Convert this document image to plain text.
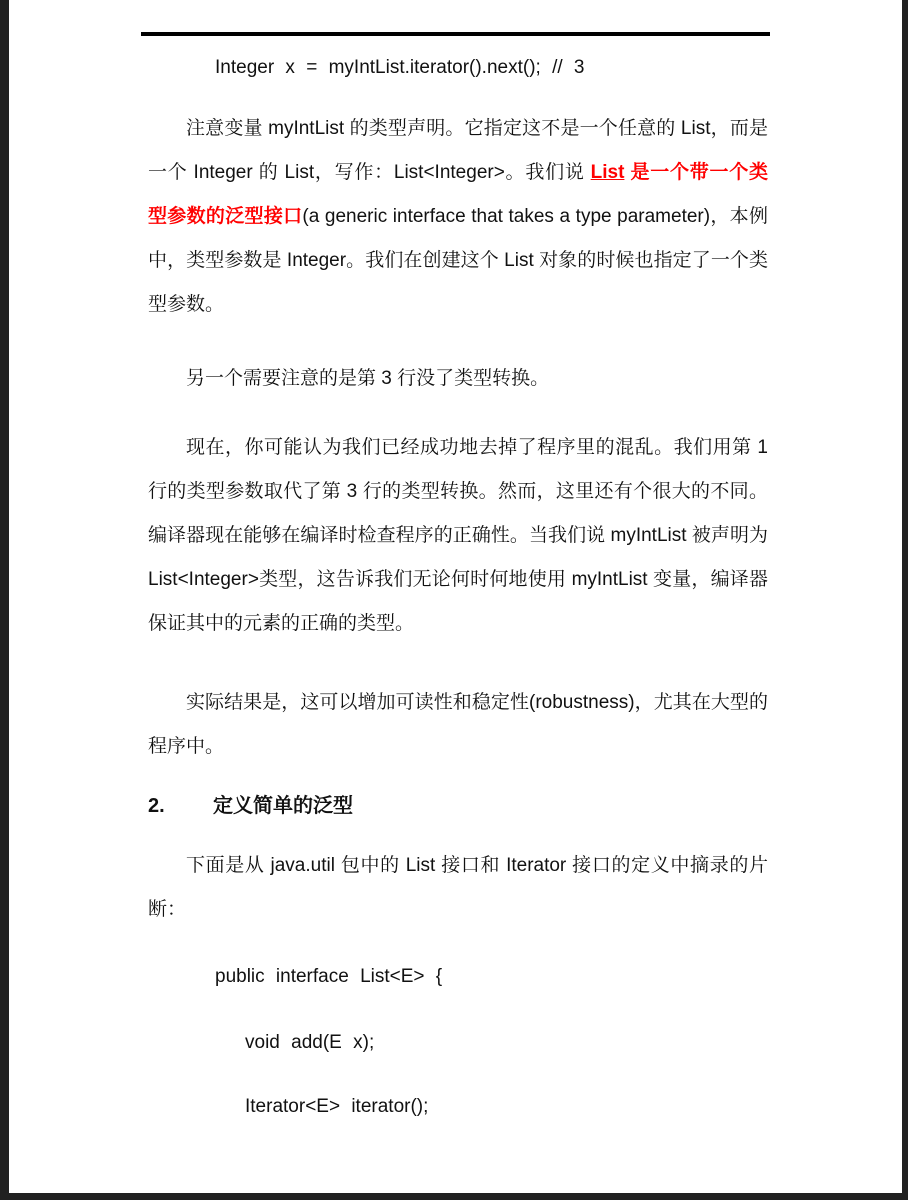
Integer x = myIntList.iterator().next(); // 3

注意变量 myIntList 的类型声明。它指定这不是一个任意的 List，而是一个 Integer 的 List，写作：List<Integer>。我们说 List 是一个带一个类型参数的泛型接口(a generic interface that takes a type parameter)，本例中，类型参数是 Integer。我们在创建这个 List 对象的时候也指定了一个类型参数。

另一个需要注意的是第 3 行没了类型转换。

现在，你可能认为我们已经成功地去掉了程序里的混乱。我们用第 1 行的类型参数取代了第 3 行的类型转换。然而，这里还有个很大的不同。编译器现在能够在编译时检查程序的正确性。当我们说 myIntList 被声明为 List<Integer>类型，这告诉我们无论何时何地使用 myIntList 变量，编译器保证其中的元素的正确的类型。

实际结果是，这可以增加可读性和稳定性(robustness)，尤其在大型的程序中。

2. 定义简单的泛型

下面是从 java.util 包中的 List 接口和 Iterator 接口的定义中摘录的片断：

public interface List<E> {

void add(E x);

Iterator<E> iterator();
